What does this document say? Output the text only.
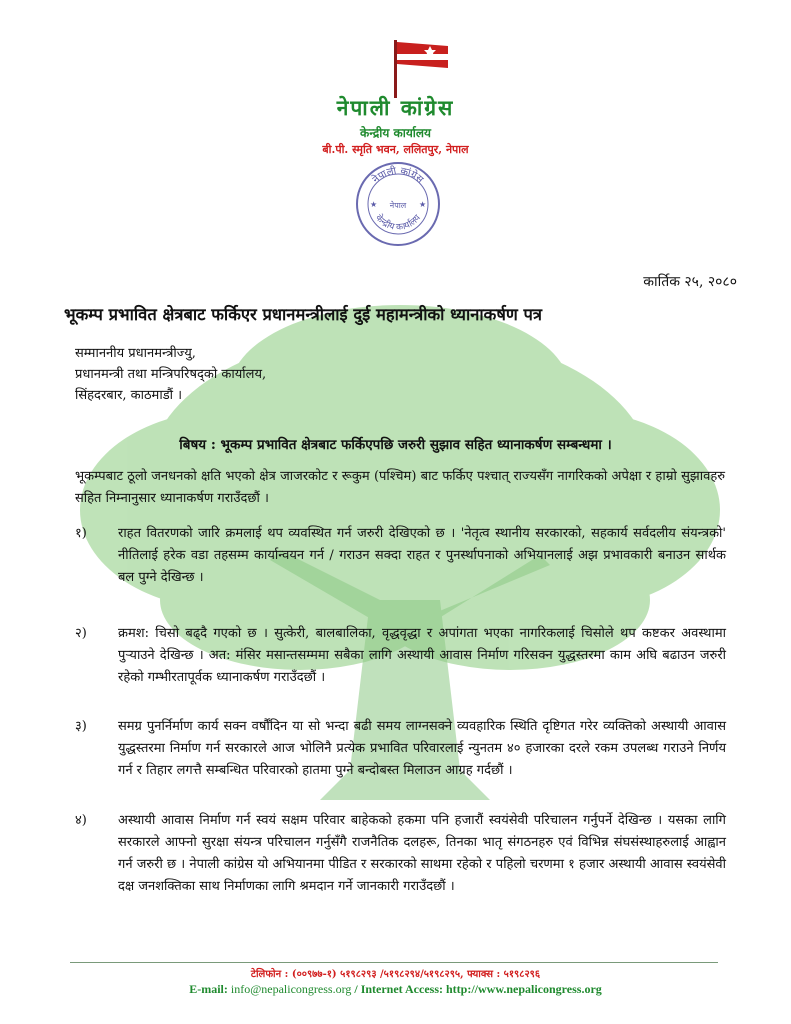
नेपाली कांग्रेस
केन्द्रीय कार्यालय
बी.पी. स्मृति भवन, ललितपुर, नेपाल
नेपाली कांग्रेस
नेपाल
केन्द्रीय कार्यालय
★	★
कार्तिक २५, २०८०
भूकम्प प्रभावित क्षेत्रबाट फर्किएर प्रधानमन्त्रीलाई दुई महामन्त्रीको ध्यानाकर्षण पत्र
सम्माननीय प्रधानमन्त्रीज्यु,
प्रधानमन्त्री तथा मन्त्रिपरिषद्को कार्यालय,
सिंहदरबार, काठमाडौं ।
बिषय : भूकम्प प्रभावित क्षेत्रबाट फर्किएपछि जरुरी सुझाव सहित ध्यानाकर्षण सम्बन्धमा ।
भूकम्पबाट ठूलो जनधनको क्षति भएको क्षेत्र जाजरकोट र रूकुम (पश्चिम) बाट फर्किए पश्चात् राज्यसँग नागरिकको अपेक्षा र हाम्रो सुझावहरु सहित निम्नानुसार ध्यानाकर्षण गराउँदछौं ।
१) राहत वितरणको जारि क्रमलाई थप व्यवस्थित गर्न जरुरी देखिएको छ । 'नेतृत्व स्थानीय सरकारको, सहकार्य सर्वदलीय संयन्त्रको' नीतिलाई हरेक वडा तहसम्म कार्यान्वयन गर्न / गराउन सक्दा राहत र पुनर्स्थापनाको अभियानलाई अझ प्रभावकारी बनाउन सार्थक बल पुग्ने देखिन्छ ।
२) क्रमश: चिसो बढ्दै गएको छ । सुत्केरी, बालबालिका, वृद्धवृद्धा र अपांगता भएका नागरिकलाई चिसोले थप कष्टकर अवस्थामा पुर्‍याउने देखिन्छ । अत: मंसिर मसान्तसम्ममा सबैका लागि अस्थायी आवास निर्माण गरिसक्न युद्धस्तरमा काम अघि बढाउन जरुरी रहेको गम्भीरतापूर्वक ध्यानाकर्षण गराउँदछौं ।
३) समग्र पुनर्निर्माण कार्य सक्न वर्षौंदिन या सो भन्दा बढी समय लाग्नसक्ने व्यवहारिक स्थिति दृष्टिगत गरेर व्यक्तिको अस्थायी आवास युद्धस्तरमा निर्माण गर्न सरकारले आज भोलिनै प्रत्येक प्रभावित परिवारलाई न्युनतम ४० हजारका दरले रकम उपलब्ध गराउने निर्णय गर्न र तिहार लगत्तै सम्बन्धित परिवारको हातमा पुग्ने बन्दोबस्त मिलाउन आग्रह गर्दछौं ।
४) अस्थायी आवास निर्माण गर्न स्वयं सक्षम परिवार बाहेकको हकमा पनि हजारौं स्वयंसेवी परिचालन गर्नुपर्ने देखिन्छ । यसका लागि सरकारले आफ्नो सुरक्षा संयन्त्र परिचालन गर्नुसँगै राजनैतिक दलहरू, तिनका भातृ संगठनहरु एवं विभिन्न संघसंस्थाहरुलाई आह्वान गर्न जरुरी छ । नेपाली कांग्रेस यो अभियानमा पीडित र सरकारको साथमा रहेको र पहिलो चरणमा १ हजार अस्थायी आवास स्वयंसेवी दक्ष जनशक्तिका साथ निर्माणका लागि श्रमदान गर्ने जानकारी गराउँदछौं ।
टेलिफोन : (००९७७-१) ५१९८२९३ /५१९८२९४/५१९८२९५, फ्याक्स : ५१९८२९६
E-mail: info@nepalicongress.org / Internet Access: http://www.nepalicongress.org
